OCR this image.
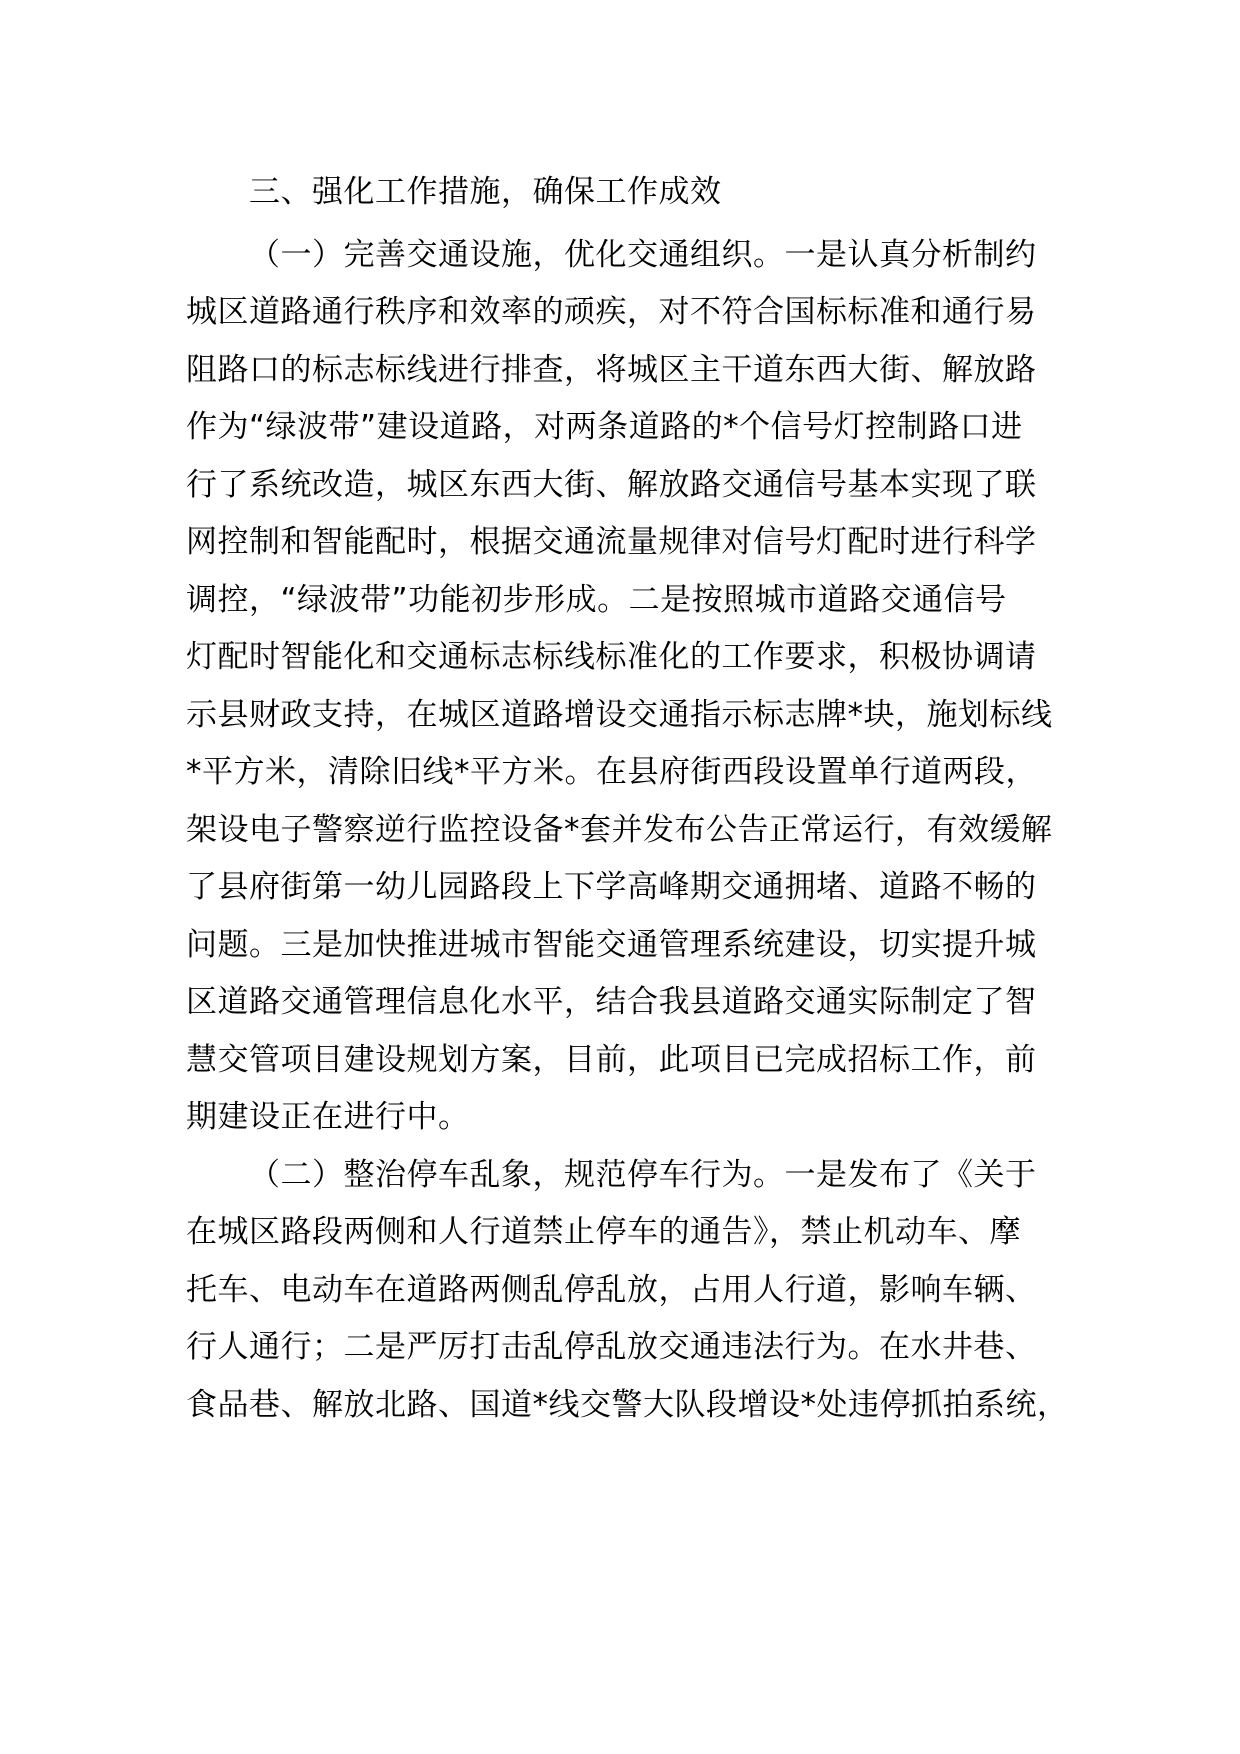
三、强化工作措施，确保工作成效
（一）完善交通设施，优化交通组织。一是认真分析制约
城区道路通行秩序和效率的顽疾，对不符合国标标准和通行易
阻路口的标志标线进行排查，将城区主干道东西大街、解放路
作为“绿波带”建设道路，对两条道路的*个信号灯控制路口进
行了系统改造，城区东西大街、解放路交通信号基本实现了联
网控制和智能配时，根据交通流量规律对信号灯配时进行科学
调控，“绿波带”功能初步形成。二是按照城市道路交通信号
灯配时智能化和交通标志标线标准化的工作要求，积极协调请
示县财政支持，在城区道路增设交通指示标志牌*块，施划标线
*平方米，清除旧线*平方米。在县府街西段设置单行道两段，
架设电子警察逆行监控设备*套并发布公告正常运行，有效缓解
了县府街第一幼儿园路段上下学高峰期交通拥堵、道路不畅的
问题。三是加快推进城市智能交通管理系统建设，切实提升城
区道路交通管理信息化水平，结合我县道路交通实际制定了智
慧交管项目建设规划方案，目前，此项目已完成招标工作，前
期建设正在进行中。
（二）整治停车乱象，规范停车行为。一是发布了《关于
在城区路段两侧和人行道禁止停车的通告》，禁止机动车、摩
托车、电动车在道路两侧乱停乱放，占用人行道，影响车辆、
行人通行；二是严厉打击乱停乱放交通违法行为。在水井巷、
食品巷、解放北路、国道*线交警大队段增设*处违停抓拍系统，
